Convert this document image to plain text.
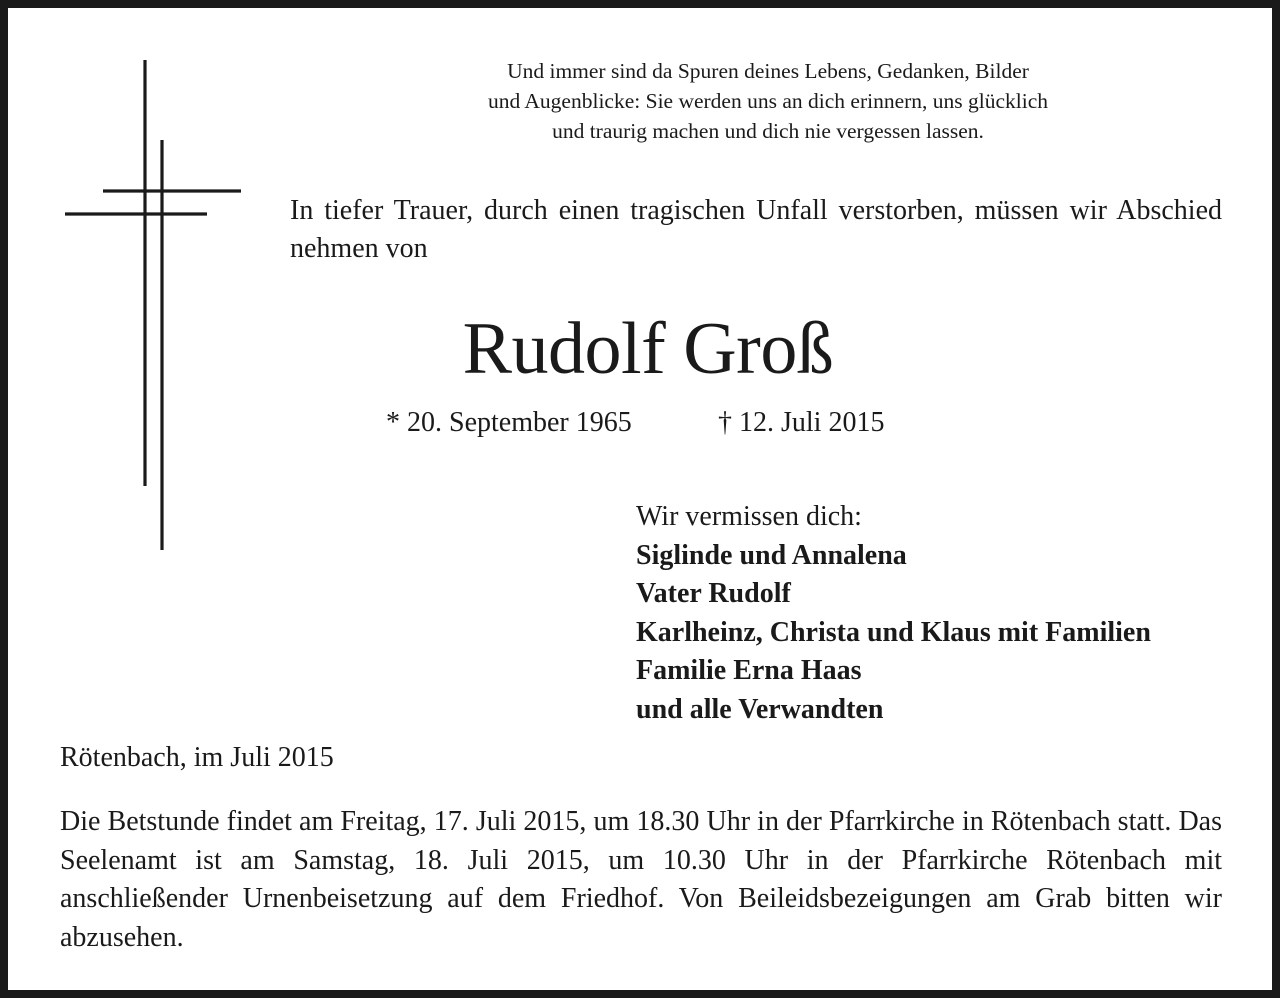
Und immer sind da Spuren deines Lebens, Gedanken, Bilder
und Augenblicke: Sie werden uns an dich erinnern, uns glücklich
und traurig machen und dich nie vergessen lassen.
In tiefer Trauer, durch einen tragischen Unfall verstorben, müssen wir Abschied nehmen von
Rudolf Groß
* 20. September 1965	† 12. Juli 2015
Wir vermissen dich:
Siglinde und Annalena
Vater Rudolf
Karlheinz, Christa und Klaus mit Familien
Familie Erna Haas
und alle Verwandten
Rötenbach, im Juli 2015
Die Betstunde findet am Freitag, 17. Juli 2015, um 18.30 Uhr in der Pfarrkirche in Rötenbach statt. Das Seelenamt ist am Samstag, 18. Juli 2015, um 10.30 Uhr in der Pfarrkirche Rötenbach mit anschließender Urnenbeisetzung auf dem Friedhof. Von Beileidsbezeigungen am Grab bitten wir abzusehen.
